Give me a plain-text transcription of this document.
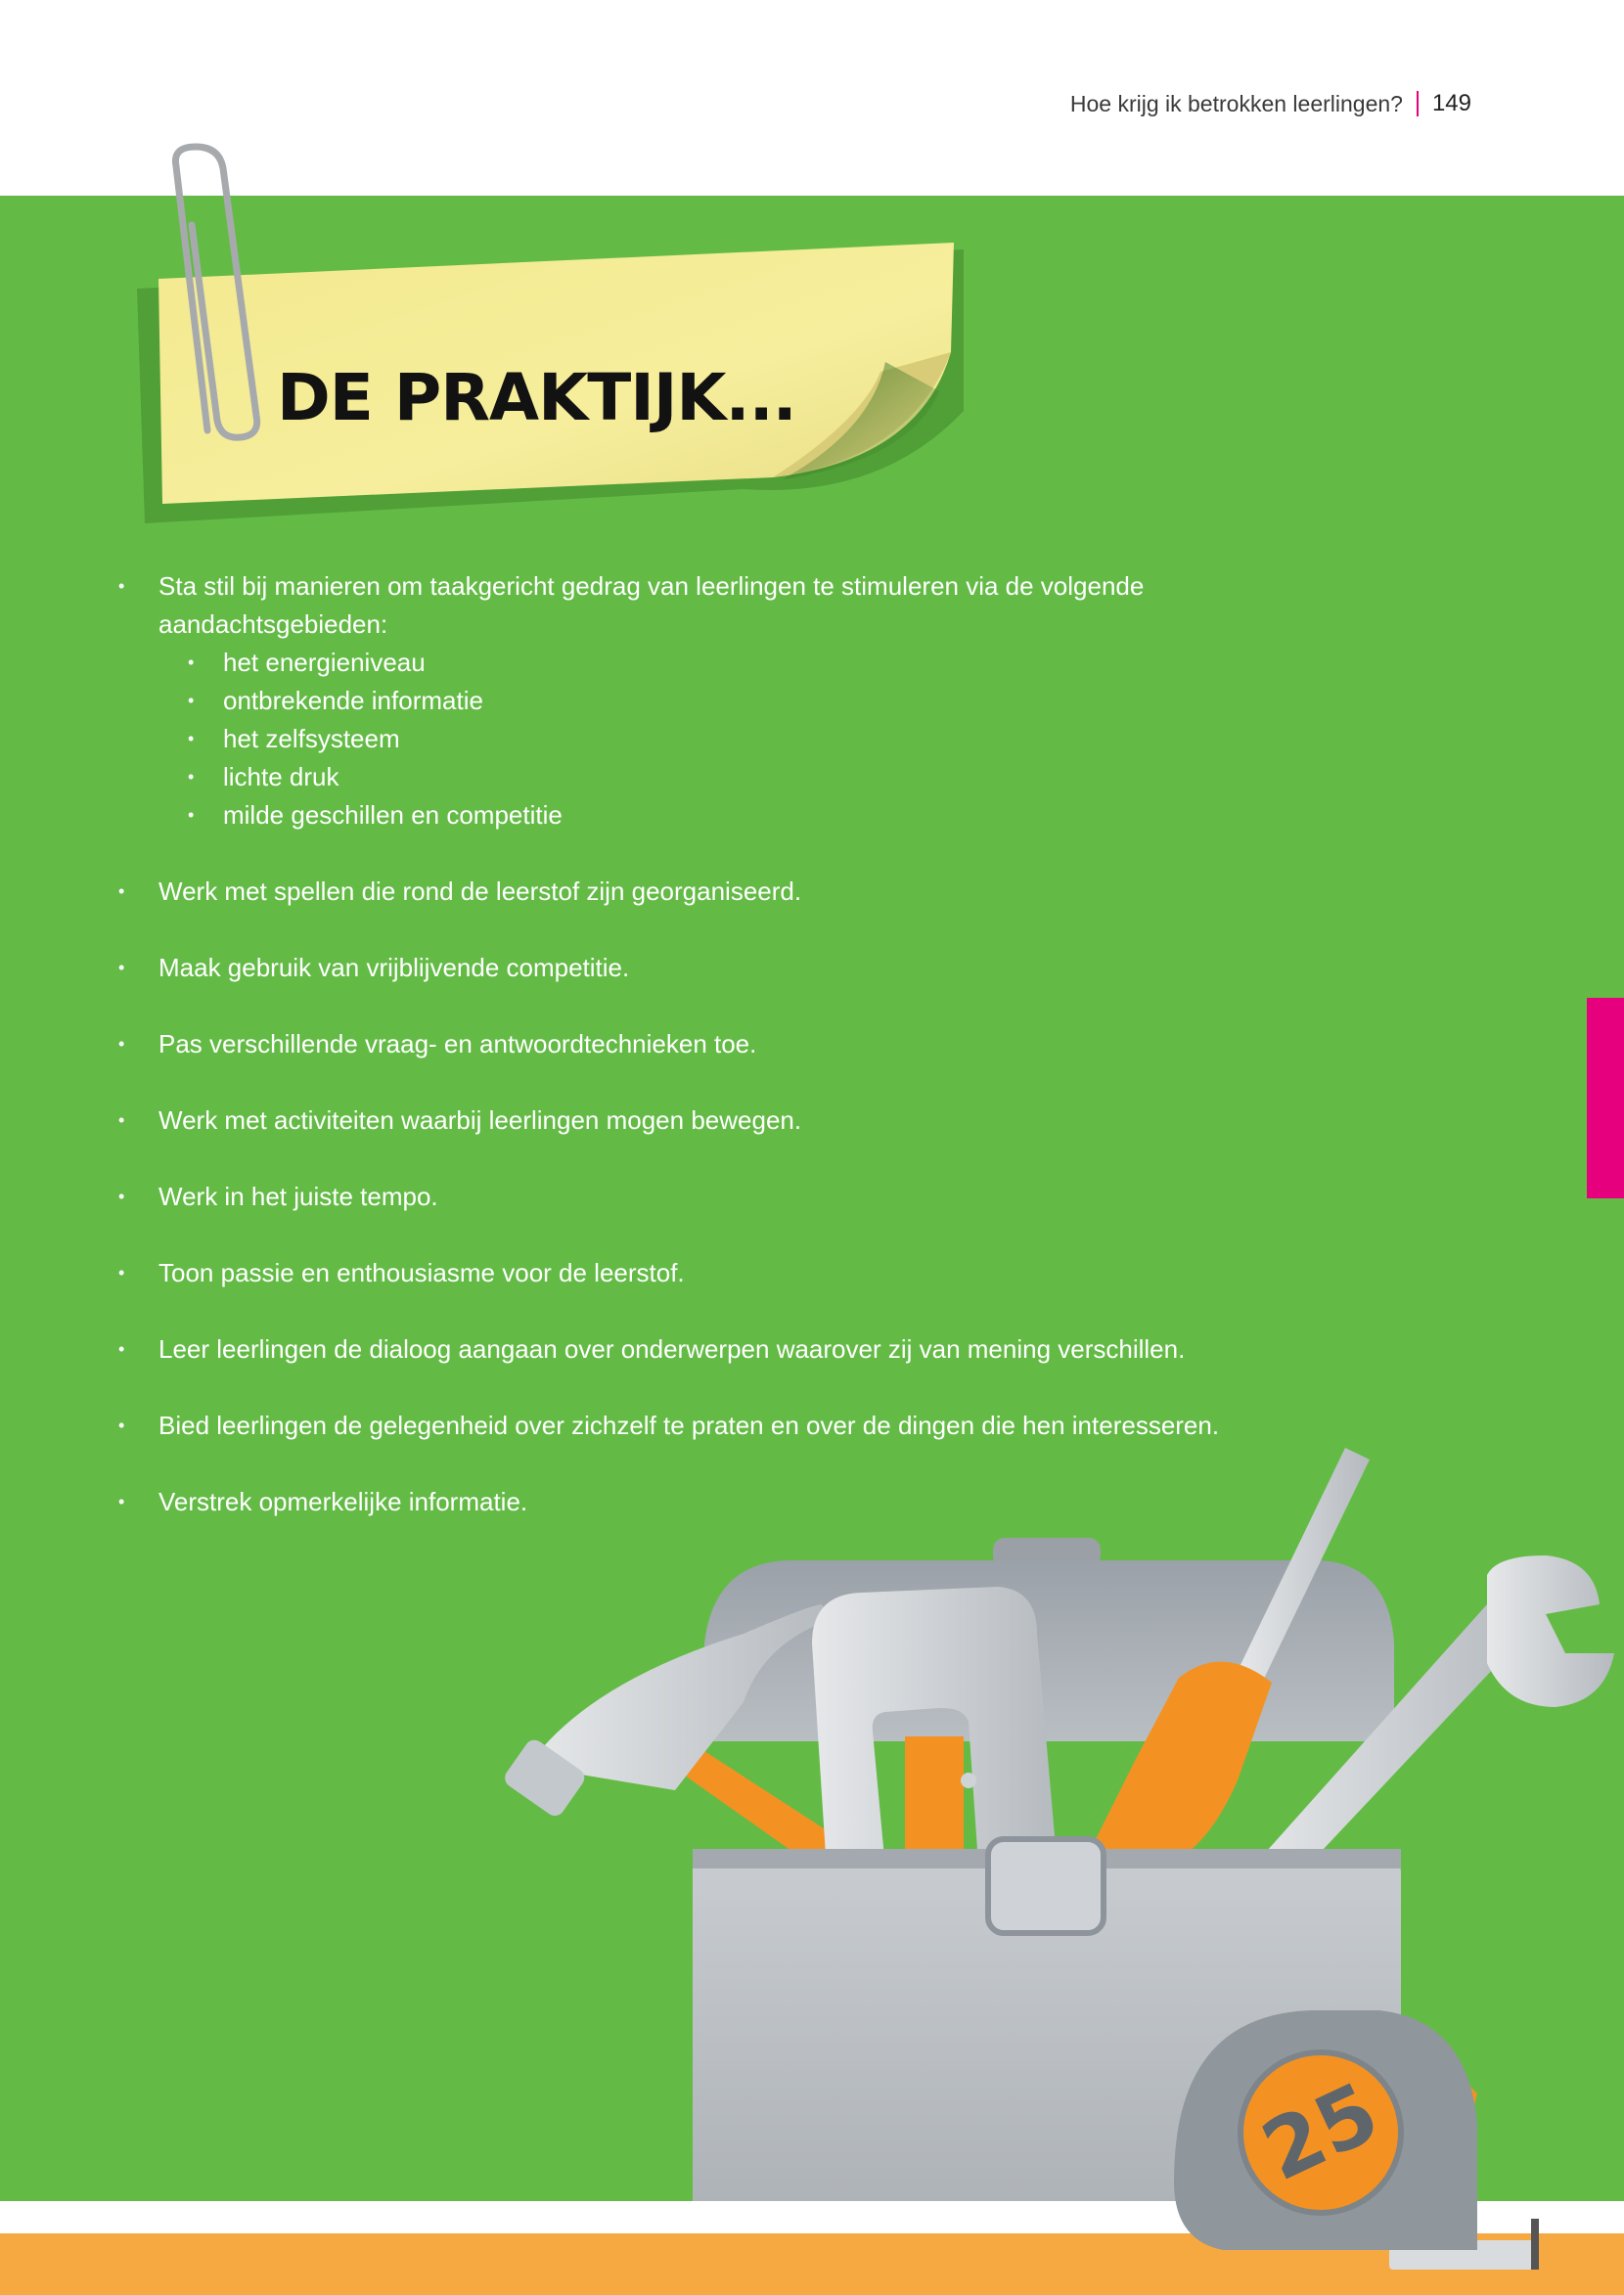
Hoe krijg ik betrokken leerlingen? 149
DE PRAKTIJK...
• Sta stil bij manieren om taakgericht gedrag van leerlingen te stimuleren via de volgende aandachtsgebieden:
• het energieniveau
• ontbrekende informatie
• het zelfsysteem
• lichte druk
• milde geschillen en competitie
• Werk met spellen die rond de leerstof zijn georganiseerd.
• Maak gebruik van vrijblijvende competitie.
• Pas verschillende vraag- en antwoordtechnieken toe.
• Werk met activiteiten waarbij leerlingen mogen bewegen.
• Werk in het juiste tempo.
• Toon passie en enthousiasme voor de leerstof.
• Leer leerlingen de dialoog aangaan over onderwerpen waarover zij van mening verschillen.
• Bied leerlingen de gelegenheid over zichzelf te praten en over de dingen die hen interesseren.
• Verstrek opmerkelijke informatie.
25
